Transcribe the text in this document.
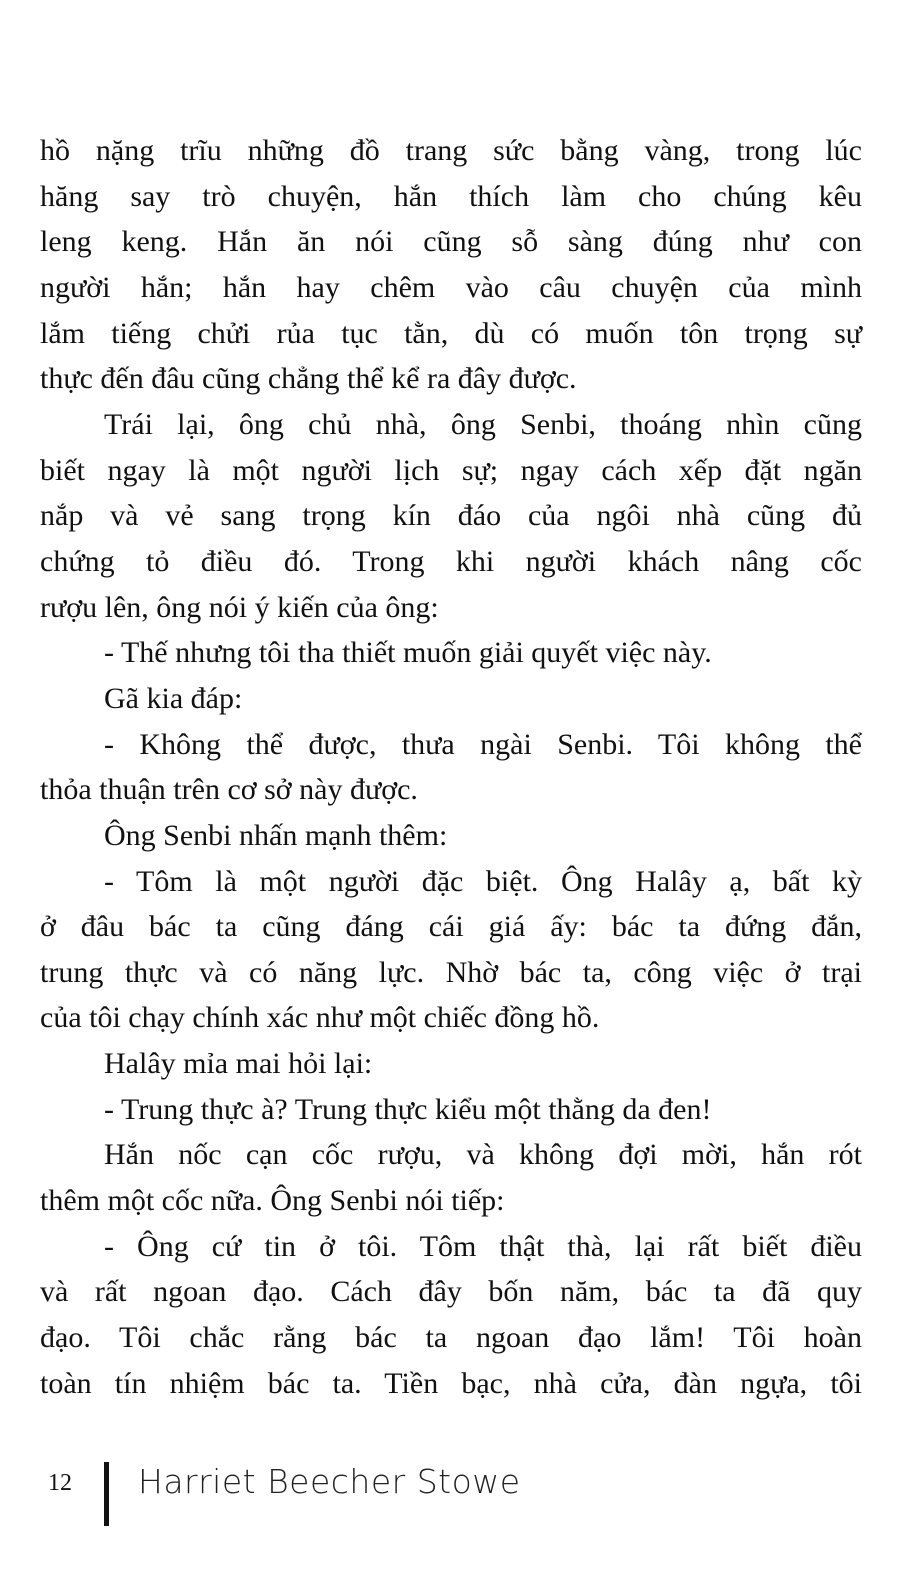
hồ nặng trĩu những đồ trang sức bằng vàng, trong lúc
hăng say trò chuyện, hắn thích làm cho chúng kêu
leng keng. Hắn ăn nói cũng sỗ sàng đúng như con
người hắn; hắn hay chêm vào câu chuyện của mình
lắm tiếng chửi rủa tục tằn, dù có muốn tôn trọng sự
thực đến đâu cũng chẳng thể kể ra đây được.
Trái lại, ông chủ nhà, ông Senbi, thoáng nhìn cũng
biết ngay là một người lịch sự; ngay cách xếp đặt ngăn
nắp và vẻ sang trọng kín đáo của ngôi nhà cũng đủ
chứng tỏ điều đó. Trong khi người khách nâng cốc
rượu lên, ông nói ý kiến của ông:
- Thế nhưng tôi tha thiết muốn giải quyết việc này.
Gã kia đáp:
- Không thể được, thưa ngài Senbi. Tôi không thể
thỏa thuận trên cơ sở này được.
Ông Senbi nhấn mạnh thêm:
- Tôm là một người đặc biệt. Ông Halây ạ, bất kỳ
ở đâu bác ta cũng đáng cái giá ấy: bác ta đứng đắn,
trung thực và có năng lực. Nhờ bác ta, công việc ở trại
của tôi chạy chính xác như một chiếc đồng hồ.
Halây mỉa mai hỏi lại:
- Trung thực à? Trung thực kiểu một thằng da đen!
Hắn nốc cạn cốc rượu, và không đợi mời, hắn rót
thêm một cốc nữa. Ông Senbi nói tiếp:
- Ông cứ tin ở tôi. Tôm thật thà, lại rất biết điều
và rất ngoan đạo. Cách đây bốn năm, bác ta đã quy
đạo. Tôi chắc rằng bác ta ngoan đạo lắm! Tôi hoàn
toàn tín nhiệm bác ta. Tiền bạc, nhà cửa, đàn ngựa, tôi
12 Harriet Beecher Stowe
